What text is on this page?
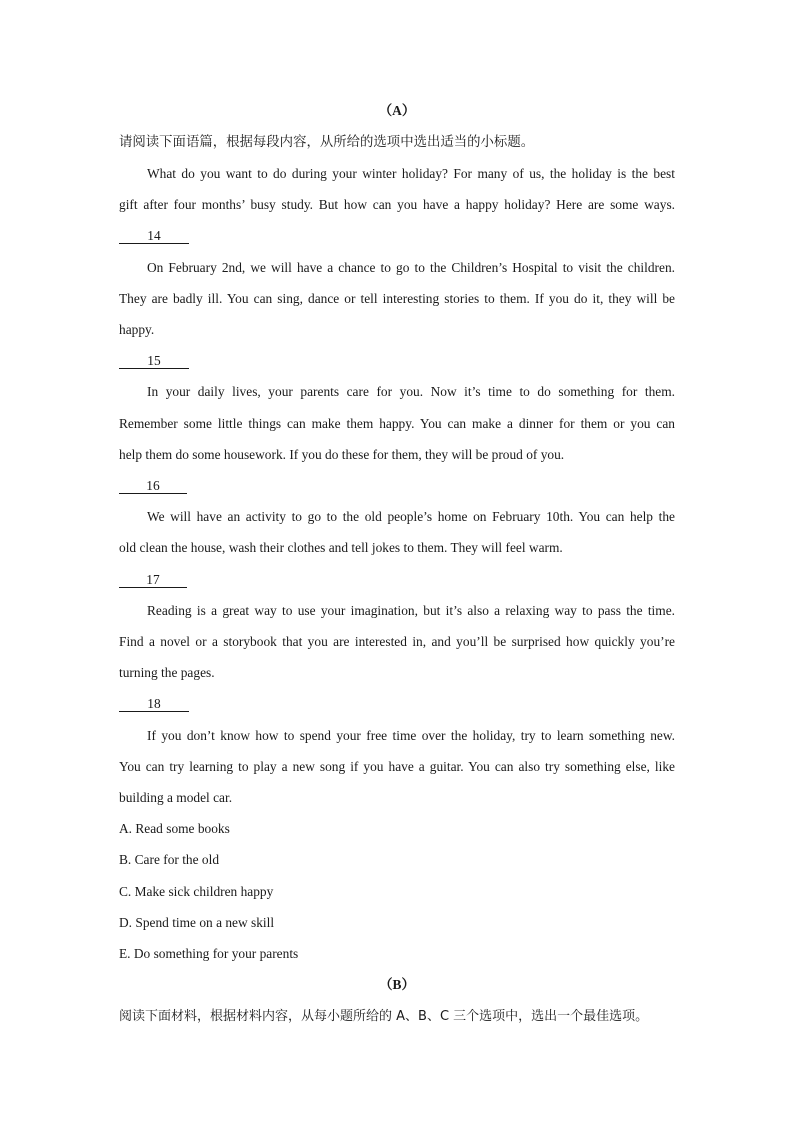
（A）
请阅读下面语篇，根据每段内容，从所给的选项中选出适当的小标题。
What do you want to do during your winter holiday? For many of us, the holiday is the best
gift after four months’ busy study. But how can you have a happy holiday? Here are some ways.
14
On February 2nd, we will have a chance to go to the Children’s Hospital to visit the children.
They are badly ill. You can sing, dance or tell interesting stories to them. If you do it, they will be
happy.
15
In your daily lives, your parents care for you. Now it’s time to do something for them.
Remember some little things can make them happy. You can make a dinner for them or you can
help them do some housework. If you do these for them, they will be proud of you.
16
We will have an activity to go to the old people’s home on February 10th. You can help the
old clean the house, wash their clothes and tell jokes to them. They will feel warm.
17
Reading is a great way to use your imagination, but it’s also a relaxing way to pass the time.
Find a novel or a storybook that you are interested in, and you’ll be surprised how quickly you’re
turning the pages.
18
If you don’t know how to spend your free time over the holiday, try to learn something new.
You can try learning to play a new song if you have a guitar. You can also try something else, like
building a model car.
A. Read some books
B. Care for the old
C. Make sick children happy
D. Spend time on a new skill
E. Do something for your parents
（B）
阅读下面材料，根据材料内容，从每小题所给的 A、B、C 三个选项中，选出一个最佳选项。
